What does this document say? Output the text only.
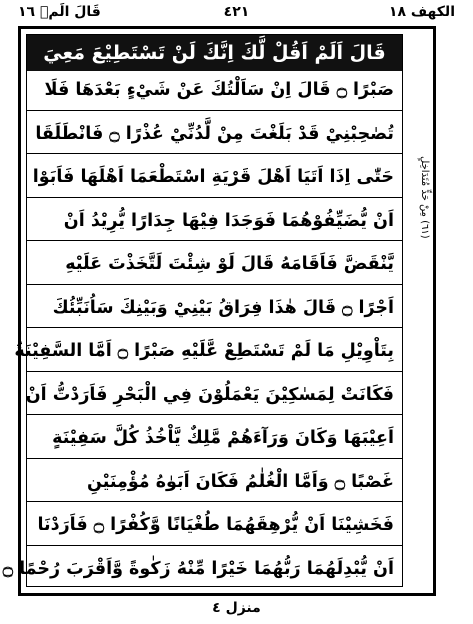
الكهف ١٨
٤٢١
قَالَ الَمۡ ١٦
(٦١) مِنْ حَدٍّ مُتَدَاخِلٍ
قَالَ اَلَمْ اَقُلْ لَّكَ اِنَّكَ لَنْ تَسْتَطِيْعَ مَعِيَ
صَبْرًا ۝ قَالَ اِنْ سَاَلْتُكَ عَنْ شَيْءٍ بَعْدَهَا فَلَا
تُصٰحِبْنِيْ قَدْ بَلَغْتَ مِنْ لَّدُنِّيْ عُذْرًا ۝ فَانْطَلَقَا
حَتّٰى اِذَا اَتَيَا اَهْلَ قَرْيَةِ اسْتَطْعَمَا اَهْلَهَا فَاَبَوْا
اَنْ يُّضَيِّفُوْهُمَا فَوَجَدَا فِيْهَا جِدَارًا يُّرِيْدُ اَنْ
يَّنْقَضَّ فَاَقَامَهُ قَالَ لَوْ شِئْتَ لَتَّخَذْتَ عَلَيْهِ
اَجْرًا ۝ قَالَ هٰذَا فِرَاقُ بَيْنِيْ وَبَيْنِكَ سَاُنَبِّئُكَ
بِتَاْوِيْلِ مَا لَمْ تَسْتَطِعْ عَّلَيْهِ صَبْرًا ۝ اَمَّا السَّفِيْنَةُ
فَكَانَتْ لِمَسٰكِيْنَ يَعْمَلُوْنَ فِي الْبَحْرِ فَاَرَدْتُّ اَنْ
اَعِيْبَهَا وَكَانَ وَرَآءَهُمْ مَّلِكٌ يَّاْخُذُ كُلَّ سَفِيْنَةٍ
غَصْبًا ۝ وَاَمَّا الْغُلٰمُ فَكَانَ اَبَوٰهُ مُؤْمِنَيْنِ
فَخَشِيْنَا اَنْ يُّرْهِقَهُمَا طُغْيَانًا وَّكُفْرًا ۝ فَاَرَدْنَا
اَنْ يُّبْدِلَهُمَا رَبُّهُمَا خَيْرًا مِّنْهُ زَكٰوةً وَّاَقْرَبَ رُحْمًا ۝
منزل ٤
